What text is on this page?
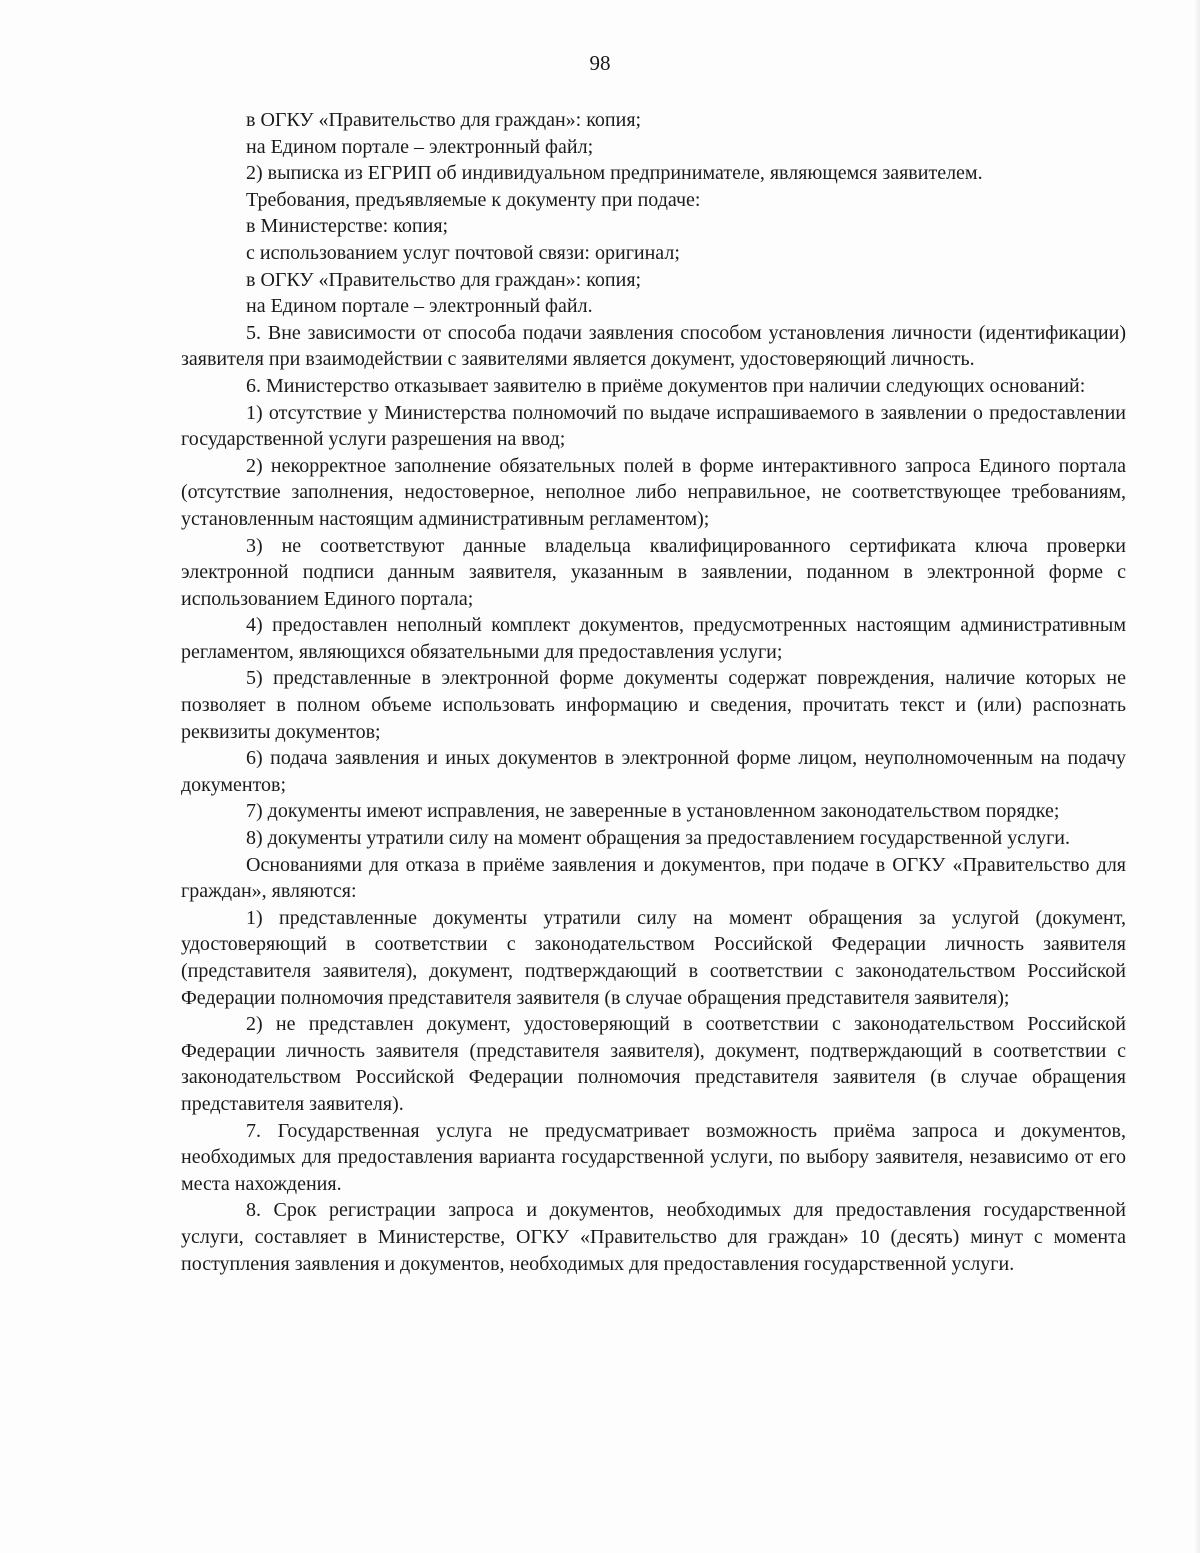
98

в ОГКУ «Правительство для граждан»: копия;

на Едином портале – электронный файл;

2) выписка из ЕГРИП об индивидуальном предпринимателе, являющемся заявителем.

Требования, предъявляемые к документу при подаче:

в Министерстве: копия;

с использованием услуг почтовой связи: оригинал;

в ОГКУ «Правительство для граждан»: копия;

на Едином портале – электронный файл.

5. Вне зависимости от способа подачи заявления способом установления личности (идентификации) заявителя при взаимодействии с заявителями является документ, удостоверяющий личность.

6. Министерство отказывает заявителю в приёме документов при наличии следующих оснований:

1) отсутствие у Министерства полномочий по выдаче испрашиваемого в заявлении о предоставлении государственной услуги разрешения на ввод;

2) некорректное заполнение обязательных полей в форме интерактивного запроса Единого портала (отсутствие заполнения, недостоверное, неполное либо неправильное, не соответствующее требованиям, установленным настоящим административным регламентом);

3) не соответствуют данные владельца квалифицированного сертификата ключа проверки электронной подписи данным заявителя, указанным в заявлении, поданном в электронной форме с использованием Единого портала;

4) предоставлен неполный комплект документов, предусмотренных настоящим административным регламентом, являющихся обязательными для предоставления услуги;

5) представленные в электронной форме документы содержат повреждения, наличие которых не позволяет в полном объеме использовать информацию и сведения, прочитать текст и (или) распознать реквизиты документов;

6) подача заявления и иных документов в электронной форме лицом, неуполномоченным на подачу документов;

7) документы имеют исправления, не заверенные в установленном законодательством порядке;

8) документы утратили силу на момент обращения за предоставлением государственной услуги.

Основаниями для отказа в приёме заявления и документов, при подаче в ОГКУ «Правительство для граждан», являются:

1) представленные документы утратили силу на момент обращения за услугой (документ, удостоверяющий в соответствии с законодательством Российской Федерации личность заявителя (представителя заявителя), документ, подтверждающий в соответствии с законодательством Российской Федерации полномочия представителя заявителя (в случае обращения представителя заявителя);

2) не представлен документ, удостоверяющий в соответствии с законодательством Российской Федерации личность заявителя (представителя заявителя), документ, подтверждающий в соответствии с законодательством Российской Федерации полномочия представителя заявителя (в случае обращения представителя заявителя).

7. Государственная услуга не предусматривает возможность приёма запроса и документов, необходимых для предоставления варианта государственной услуги, по выбору заявителя, независимо от его места нахождения.

8. Срок регистрации запроса и документов, необходимых для предоставления государственной услуги, составляет в Министерстве, ОГКУ «Правительство для граждан» 10 (десять) минут с момента поступления заявления и документов, необходимых для предоставления государственной услуги.
